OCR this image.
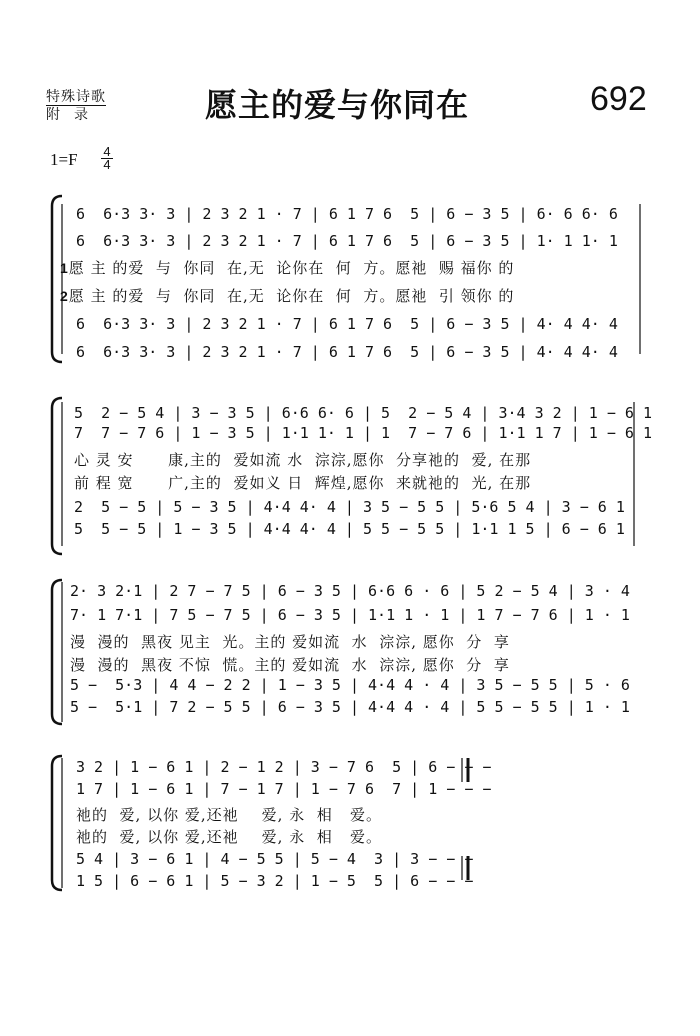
特殊诗歌
附录	愿主的爱与你同在	692
1=F 4
4
6  6·3 3· 3 | 2 3 2 1 · 7 | 6 1 7 6  5 | 6 − 3 5 | 6· 6 6· 6
6  6·3 3· 3 | 2 3 2 1 · 7 | 6 1 7 6  5 | 6 − 3 5 | 1· 1 1· 1
1愿 主 的爱  与  你同  在,无  论你在  何  方。愿祂  赐 福你 的
2愿 主 的爱  与  你同  在,无  论你在  何  方。愿祂  引 领你 的
6  6·3 3· 3 | 2 3 2 1 · 7 | 6 1 7 6  5 | 6 − 3 5 | 4· 4 4· 4
6  6·3 3· 3 | 2 3 2 1 · 7 | 6 1 7 6  5 | 6 − 3 5 | 4· 4 4· 4
5  2 − 5 4 | 3 − 3 5 | 6·6 6· 6 | 5  2 − 5 4 | 3·4 3 2 | 1 − 6 1
7  7 − 7 6 | 1 − 3 5 | 1·1 1· 1 | 1  7 − 7 6 | 1·1 1 7 | 1 − 6 1
心 灵 安      康,主的  爱如流 水  淙淙,愿你  分享祂的  爱, 在那
前 程 宽      广,主的  爱如义 日  辉煌,愿你  来就祂的  光, 在那
2  5 − 5 | 5 − 3 5 | 4·4 4· 4 | 3 5 − 5 5 | 5·6 5 4 | 3 − 6 1
5  5 − 5 | 1 − 3 5 | 4·4 4· 4 | 5 5 − 5 5 | 1·1 1 5 | 6 − 6 1
2· 3 2·1 | 2 7 − 7 5 | 6 − 3 5 | 6·6 6 · 6 | 5 2 − 5 4 | 3 · 4
7· 1 7·1 | 7 5 − 7 5 | 6 − 3 5 | 1·1 1 · 1 | 1 7 − 7 6 | 1 · 1
漫  漫的  黑夜 见主  光。主的 爱如流  水  淙淙, 愿你  分  享
漫  漫的  黑夜 不惊  慌。主的 爱如流  水  淙淙, 愿你  分  享
5 −  5·3 | 4 4 − 2 2 | 1 − 3 5 | 4·4 4 · 4 | 3 5 − 5 5 | 5 · 6
5 −  5·1 | 7 2 − 5 5 | 6 − 3 5 | 4·4 4 · 4 | 5 5 − 5 5 | 1 · 1
3 2 | 1 − 6 1 | 2 − 1 2 | 3 − 7 6  5 | 6 − − −
1 7 | 1 − 6 1 | 7 − 1 7 | 1 − 7 6  7 | 1 − − −
祂的  爱, 以你 爱,还祂    爱, 永  相   爱。
祂的  爱, 以你 爱,还祂    爱, 永  相   爱。
5 4 | 3 − 6 1 | 4 − 5 5 | 5 − 4  3 | 3 − − −
1 5 | 6 − 6 1 | 5 − 3 2 | 1 − 5  5 | 6 − − −
